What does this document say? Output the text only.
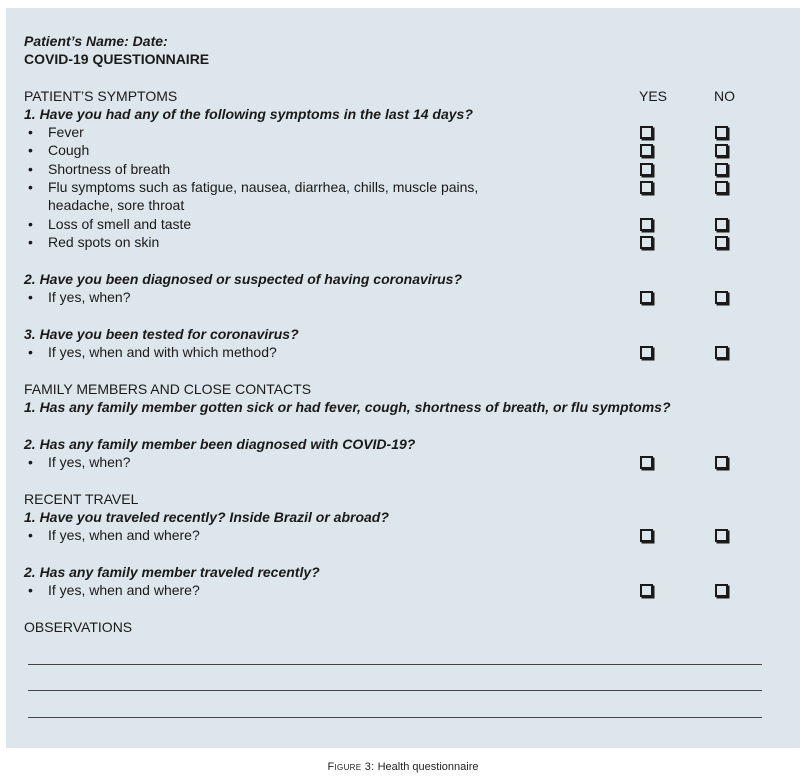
Patient’s Name: Date:
COVID-19 QUESTIONNAIRE
YES	NO
PATIENT’S SYMPTOMS
1. Have you had any of the following symptoms in the last 14 days?
• Fever
• Cough
• Shortness of breath
• Flu symptoms such as fatigue, nausea, diarrhea, chills, muscle pains,
headache, sore throat
• Loss of smell and taste
• Red spots on skin
2. Have you been diagnosed or suspected of having coronavirus?
• If yes, when?
3. Have you been tested for coronavirus?
• If yes, when and with which method?
FAMILY MEMBERS AND CLOSE CONTACTS
1. Has any family member gotten sick or had fever, cough, shortness of breath, or flu symptoms?
2. Has any family member been diagnosed with COVID-19?
• If yes, when?
RECENT TRAVEL
1. Have you traveled recently? Inside Brazil or abroad?
• If yes, when and where?
2. Has any family member traveled recently?
• If yes, when and where?
OBSERVATIONS
Figure 3: Health questionnaire
